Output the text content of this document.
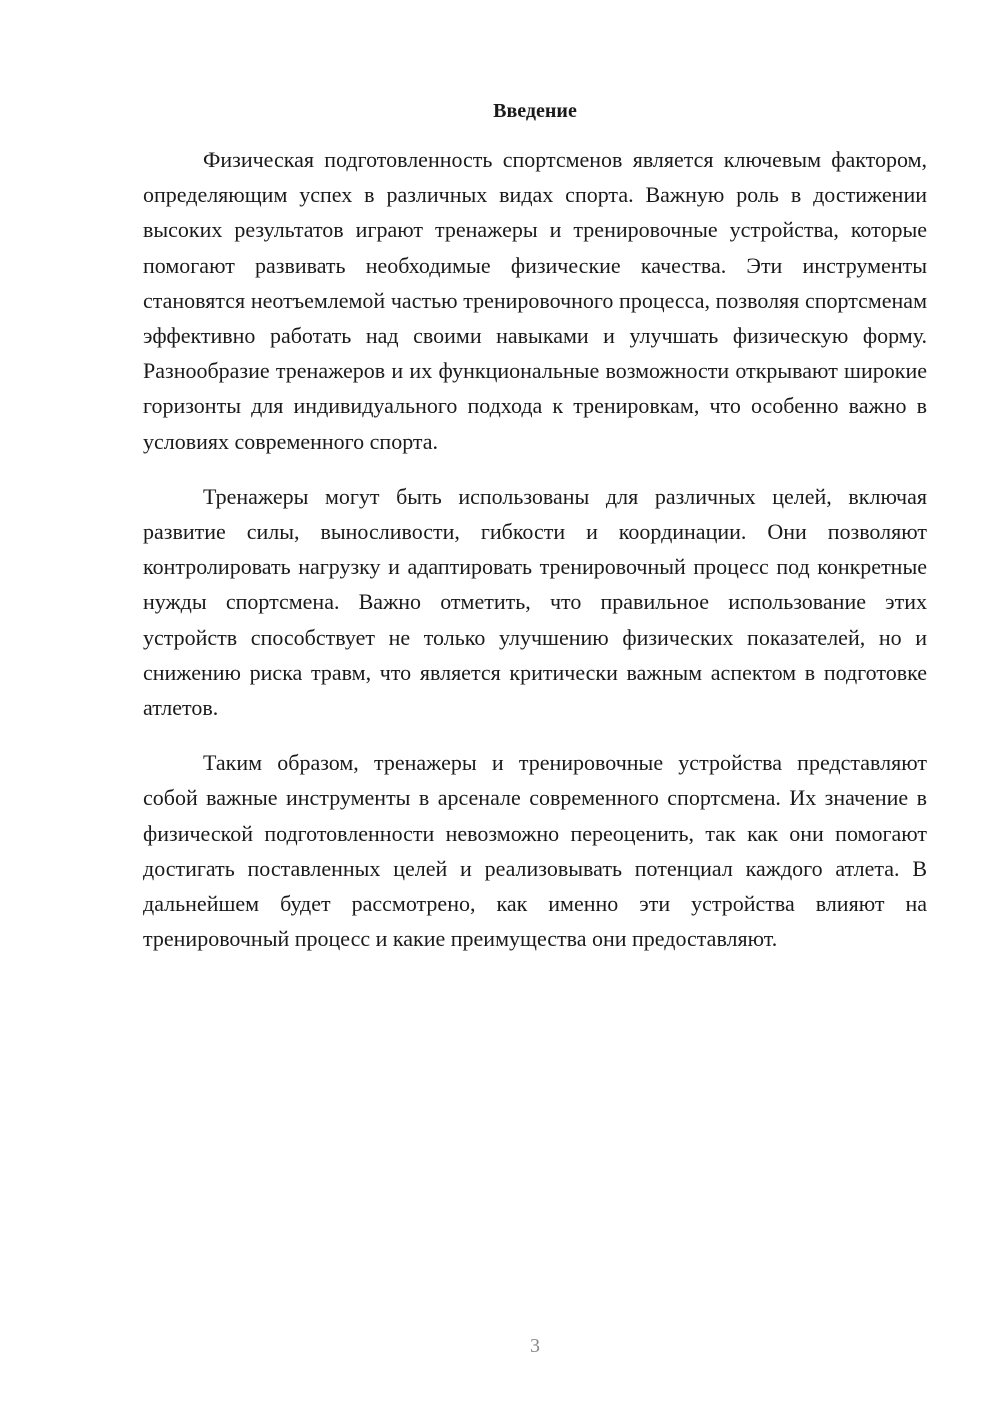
Введение

Физическая подготовленность спортсменов является ключевым фактором, определяющим успех в различных видах спорта. Важную роль в достижении высоких результатов играют тренажеры и тренировочные устройства, которые помогают развивать необходимые физические качества. Эти инструменты становятся неотъемлемой частью тренировочного процесса, позволяя спортсменам эффективно работать над своими навыками и улучшать физическую форму. Разнообразие тренажеров и их функциональные возможности открывают широкие горизонты для индивидуального подхода к тренировкам, что особенно важно в условиях современного спорта.

Тренажеры могут быть использованы для различных целей, включая развитие силы, выносливости, гибкости и координации. Они позволяют контролировать нагрузку и адаптировать тренировочный процесс под конкретные нужды спортсмена. Важно отметить, что правильное использование этих устройств способствует не только улучшению физических показателей, но и снижению риска травм, что является критически важным аспектом в подготовке атлетов.

Таким образом, тренажеры и тренировочные устройства представляют собой важные инструменты в арсенале современного спортсмена. Их значение в физической подготовленности невозможно переоценить, так как они помогают достигать поставленных целей и реализовывать потенциал каждого атлета. В дальнейшем будет рассмотрено, как именно эти устройства влияют на тренировочный процесс и какие преимущества они предоставляют.

3
